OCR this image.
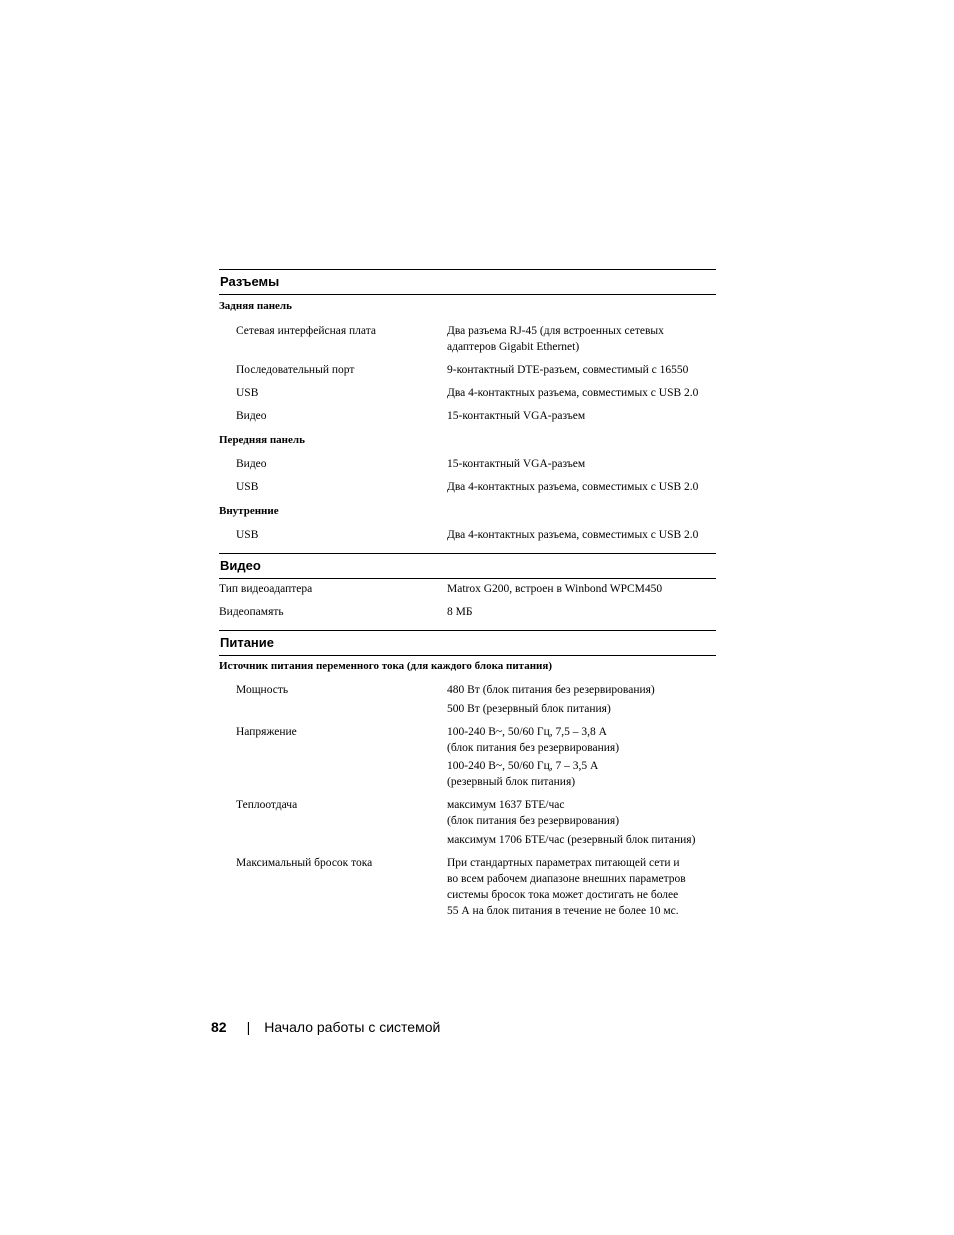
Разъемы
Задняя панель
Сетевая интерфейсная плата	Два разъема RJ-45 (для встроенных сетевых
адаптеров Gigabit Ethernet)
Последовательный порт	9-контактный DTE-разъем, совместимый с 16550
USB	Два 4-контактных разъема, совместимых с USB 2.0
Видео	15-контактный VGA-разъем
Передняя панель
Видео	15-контактный VGA-разъем
USB	Два 4-контактных разъема, совместимых с USB 2.0
Внутренние
USB	Два 4-контактных разъема, совместимых с USB 2.0
Видео
Тип видеоадаптера	Matrox G200, встроен в Winbond WPCM450
Видеопамять	8 МБ
Питание
Источник питания переменного тока (для каждого блока питания)
Мощность	480 Вт (блок питания без резервирования)
500 Вт (резервный блок питания)
Напряжение	100-240 В~, 50/60 Гц, 7,5 – 3,8 А
(блок питания без резервирования)
100-240 В~, 50/60 Гц, 7 – 3,5 А
(резервный блок питания)
Теплоотдача	максимум 1637 БТЕ/час
(блок питания без резервирования)
максимум 1706 БТЕ/час (резервный блок питания)
Максимальный бросок тока	При стандартных параметрах питающей сети и
во всем рабочем диапазоне внешних параметров
системы бросок тока может достигать не более
55 А на блок питания в течение не более 10 мс.
82 | Начало работы с системой
